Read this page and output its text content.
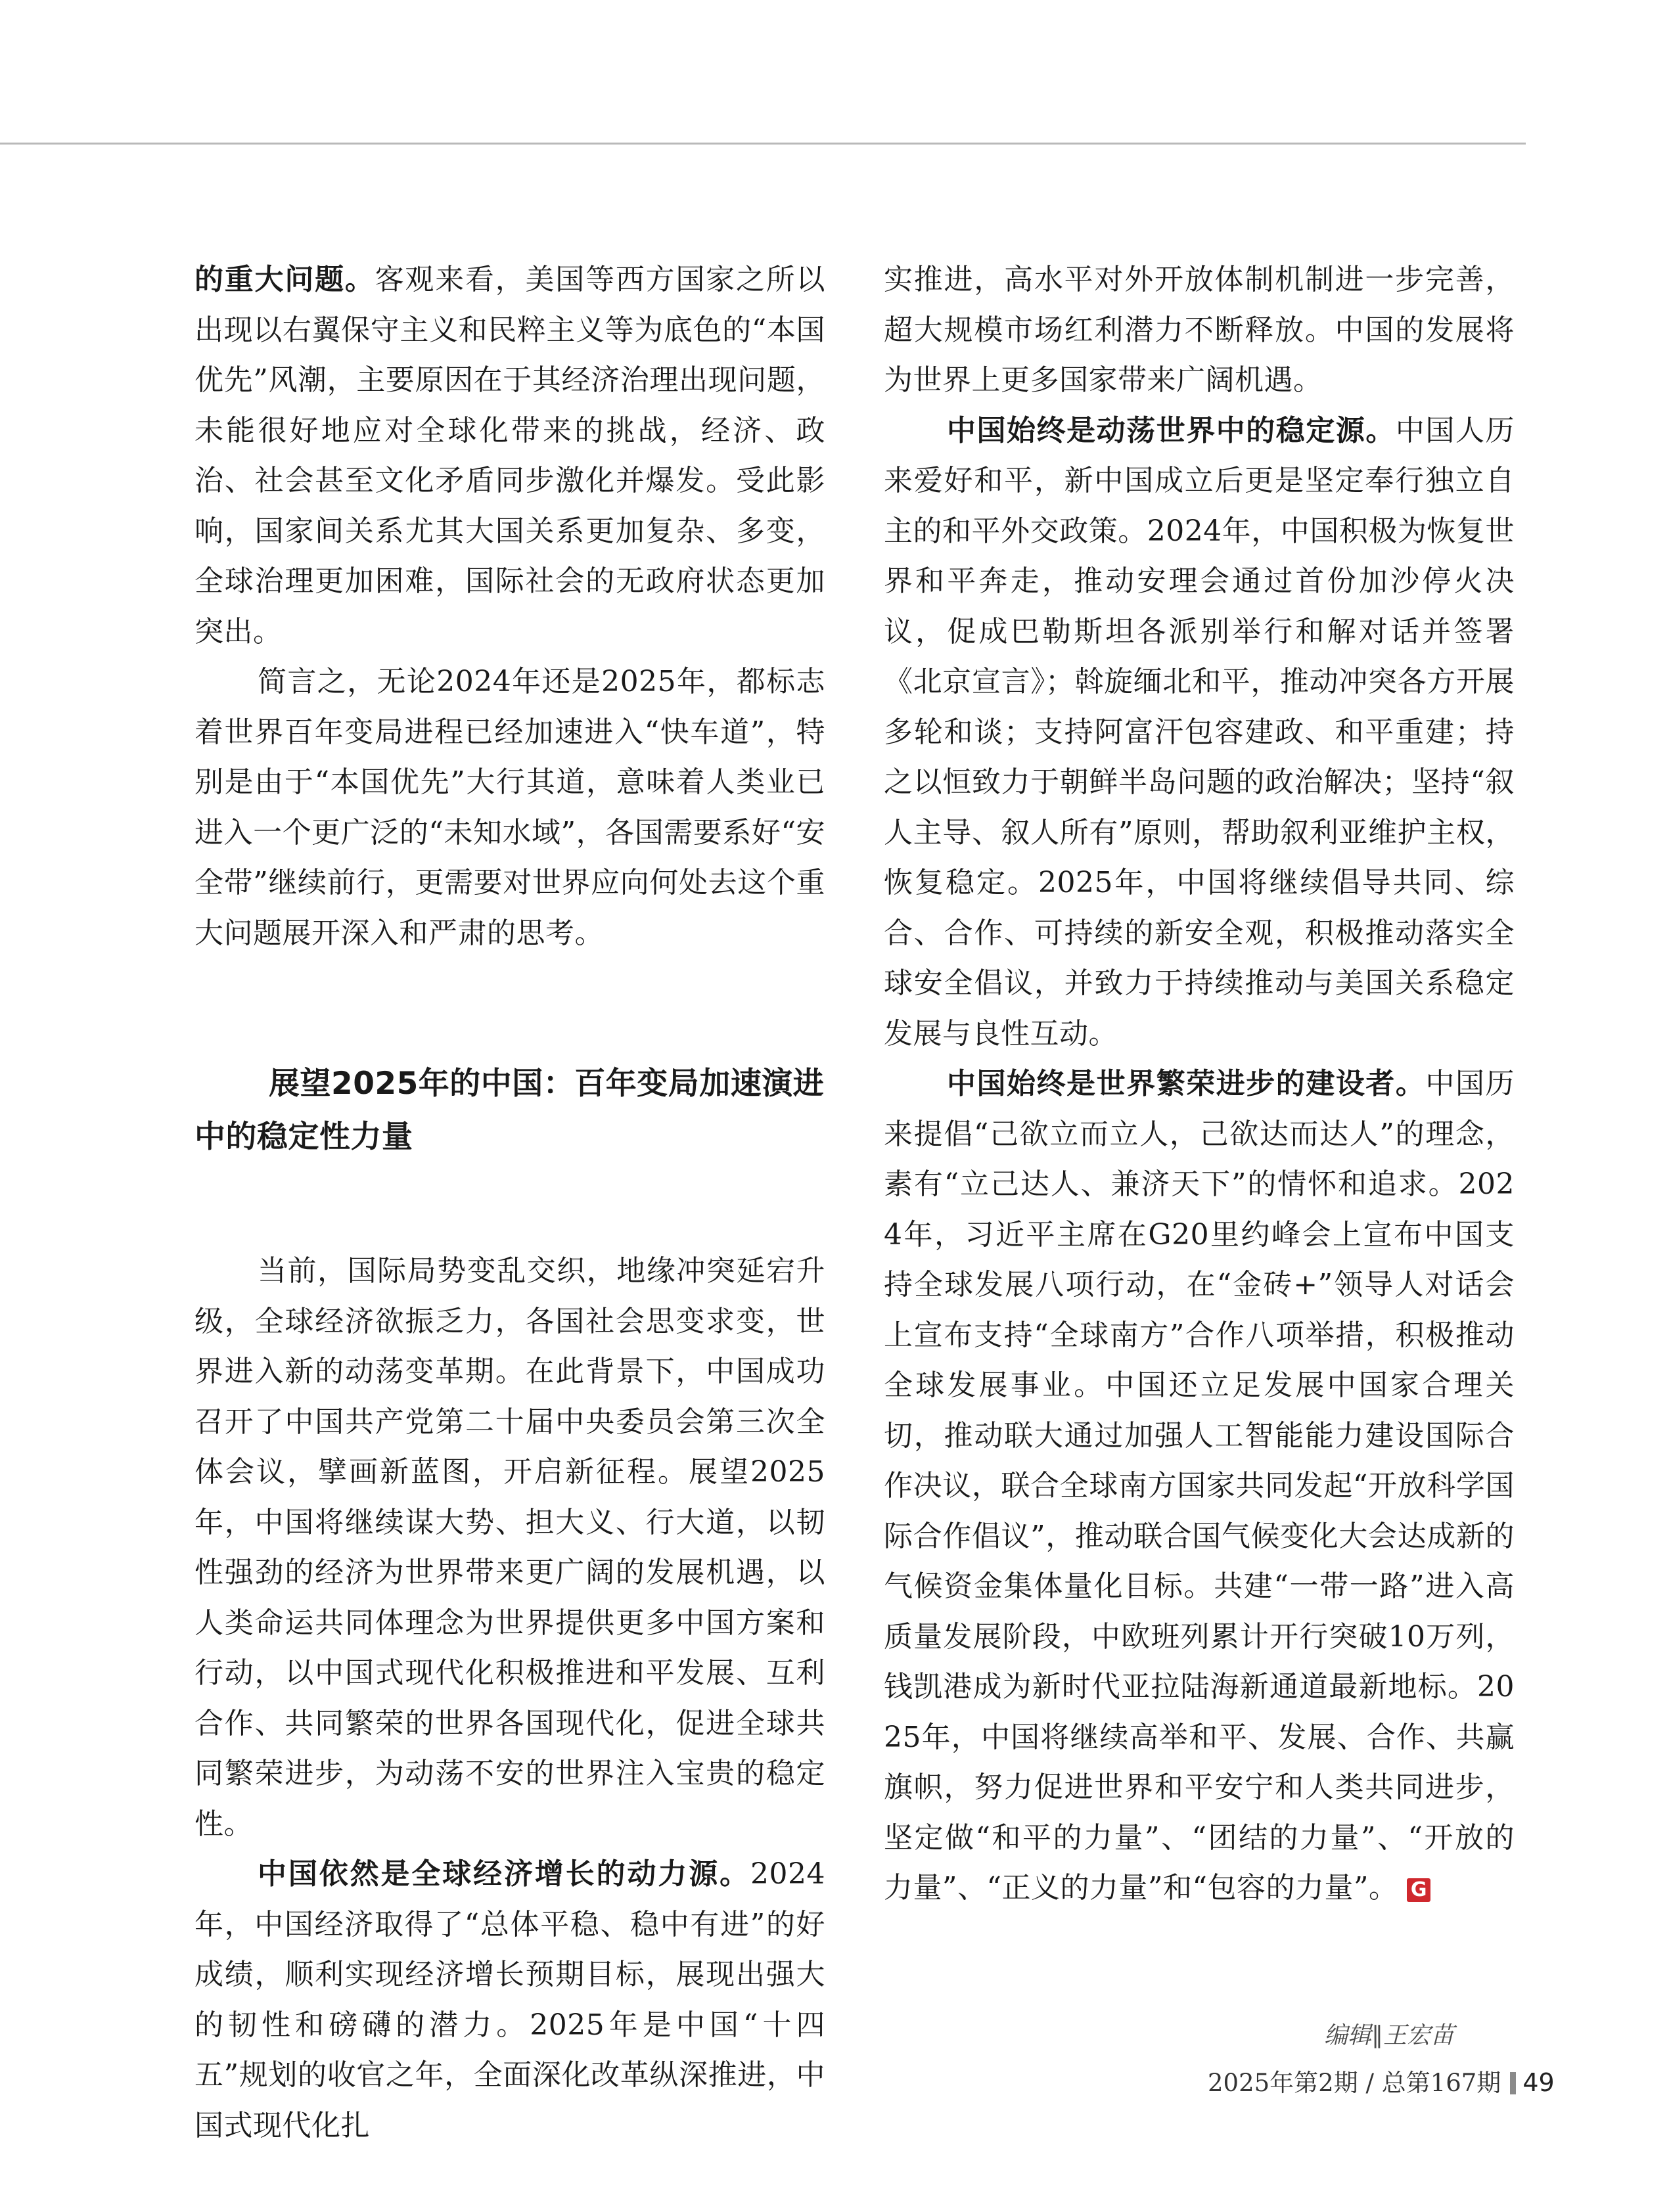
的重大问题。客观来看，美国等西方国家之所以出现以右翼保守主义和民粹主义等为底色的“本国优先”风潮，主要原因在于其经济治理出现问题，未能很好地应对全球化带来的挑战，经济、政治、社会甚至文化矛盾同步激化并爆发。受此影响，国家间关系尤其大国关系更加复杂、多变，全球治理更加困难，国际社会的无政府状态更加突出。

简言之，无论2024年还是2025年，都标志着世界百年变局进程已经加速进入“快车道”，特别是由于“本国优先”大行其道，意味着人类业已进入一个更广泛的“未知水域”，各国需要系好“安全带”继续前行，更需要对世界应向何处去这个重大问题展开深入和严肃的思考。

展望2025年的中国：百年变局加速演进中的稳定性力量

当前，国际局势变乱交织，地缘冲突延宕升级，全球经济欲振乏力，各国社会思变求变，世界进入新的动荡变革期。在此背景下，中国成功召开了中国共产党第二十届中央委员会第三次全体会议，擘画新蓝图，开启新征程。展望2025年，中国将继续谋大势、担大义、行大道，以韧性强劲的经济为世界带来更广阔的发展机遇，以人类命运共同体理念为世界提供更多中国方案和行动，以中国式现代化积极推进和平发展、互利合作、共同繁荣的世界各国现代化，促进全球共同繁荣进步，为动荡不安的世界注入宝贵的稳定性。

中国依然是全球经济增长的动力源。2024年，中国经济取得了“总体平稳、稳中有进”的好成绩，顺利实现经济增长预期目标，展现出强大的韧性和磅礴的潜力。2025年是中国“十四五”规划的收官之年，全面深化改革纵深推进，中国式现代化扎

实推进，高水平对外开放体制机制进一步完善，超大规模市场红利潜力不断释放。中国的发展将为世界上更多国家带来广阔机遇。

中国始终是动荡世界中的稳定源。中国人历来爱好和平，新中国成立后更是坚定奉行独立自主的和平外交政策。2024年，中国积极为恢复世界和平奔走，推动安理会通过首份加沙停火决议，促成巴勒斯坦各派别举行和解对话并签署《北京宣言》；斡旋缅北和平，推动冲突各方开展多轮和谈；支持阿富汗包容建政、和平重建；持之以恒致力于朝鲜半岛问题的政治解决；坚持“叙人主导、叙人所有”原则，帮助叙利亚维护主权，恢复稳定。2025年，中国将继续倡导共同、综合、合作、可持续的新安全观，积极推动落实全球安全倡议，并致力于持续推动与美国关系稳定发展与良性互动。

中国始终是世界繁荣进步的建设者。中国历来提倡“己欲立而立人，己欲达而达人”的理念，素有“立己达人、兼济天下”的情怀和追求。2024年，习近平主席在G20里约峰会上宣布中国支持全球发展八项行动，在“金砖+”领导人对话会上宣布支持“全球南方”合作八项举措，积极推动全球发展事业。中国还立足发展中国家合理关切，推动联大通过加强人工智能能力建设国际合作决议，联合全球南方国家共同发起“开放科学国际合作倡议”，推动联合国气候变化大会达成新的气候资金集体量化目标。共建“一带一路”进入高质量发展阶段，中欧班列累计开行突破10万列，钱凯港成为新时代亚拉陆海新通道最新地标。2025年，中国将继续高举和平、发展、合作、共赢旗帜，努力促进世界和平安宁和人类共同进步，坚定做“和平的力量”、“团结的力量”、“开放的力量”、“正义的力量”和“包容的力量”。 G

编辑∥王宏苗
2025年第2期 / 总第167期 49
